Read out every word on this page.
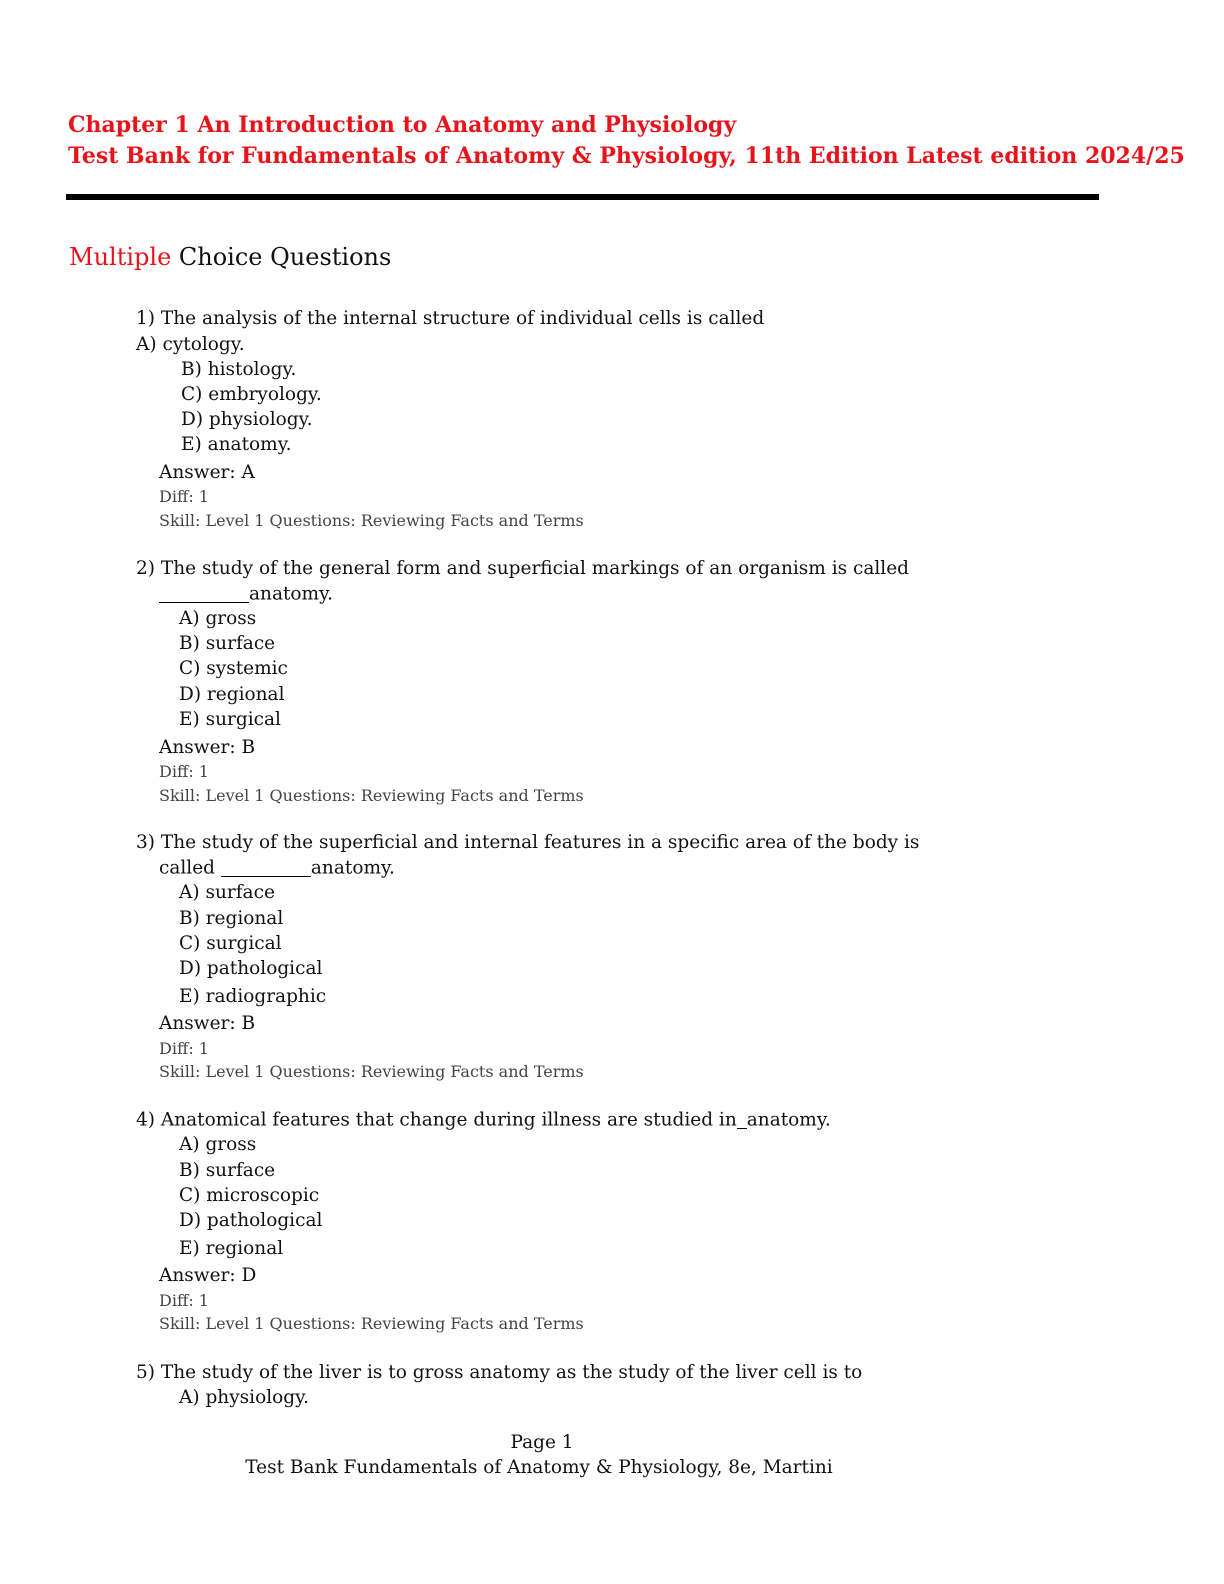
Chapter 1 An Introduction to Anatomy and Physiology
Test Bank for Fundamentals of Anatomy & Physiology, 11th Edition Latest edition 2024/25
Multiple Choice Questions
1) The analysis of the internal structure of individual cells is called
A) cytology.
B) histology.
C) embryology.
D) physiology.
E) anatomy.
Answer: A
Diff: 1
Skill: Level 1 Questions: Reviewing Facts and Terms
2) The study of the general form and superficial markings of an organism is called
anatomy.
A) gross
B) surface
C) systemic
D) regional
E) surgical
Answer: B
Diff: 1
Skill: Level 1 Questions: Reviewing Facts and Terms
3) The study of the superficial and internal features in a specific area of the body is
called	anatomy.
A) surface
B) regional
C) surgical
D) pathological
E) radiographic
Answer: B
Diff: 1
Skill: Level 1 Questions: Reviewing Facts and Terms
4) Anatomical features that change during illness are studied in anatomy.
A) gross
B) surface
C) microscopic
D) pathological
E) regional
Answer: D
Diff: 1
Skill: Level 1 Questions: Reviewing Facts and Terms
5) The study of the liver is to gross anatomy as the study of the liver cell is to
A) physiology.
Page 1
Test Bank Fundamentals of Anatomy & Physiology, 8e, Martini
